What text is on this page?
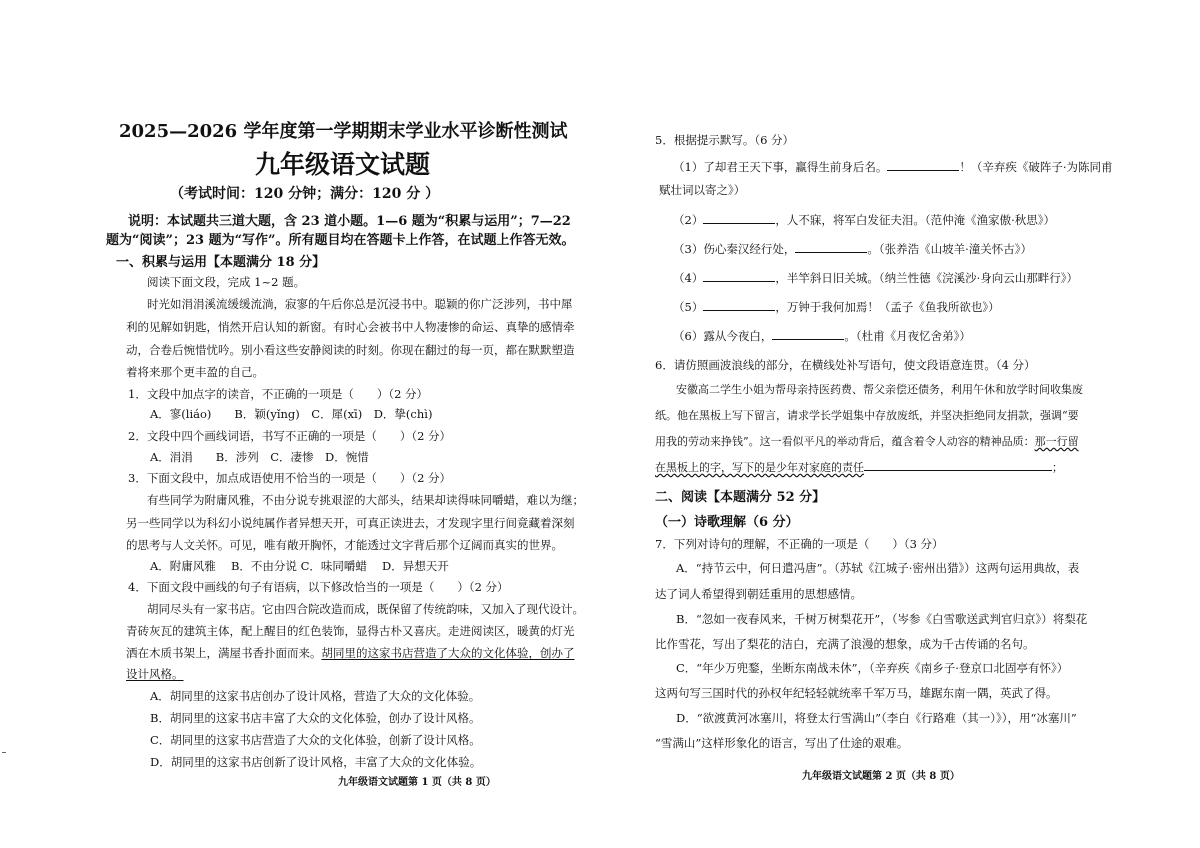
2025—2026 学年度第一学期期末学业水平诊断性测试
九年级语文试题
（考试时间：120 分钟；满分：120 分 ）
说明：本试题共三道大题，含 23 道小题。1—6 题为“积累与运用”；7—22
题为“阅读”；23 题为“写作”。所有题目均在答题卡上作答，在试题上作答无效。
一、积累与运用【本题满分 18 分】
阅读下面文段，完成 1~2 题。
时光如涓涓溪流缓缓流淌，寂寥的午后你总是沉浸书中。聪颖的你广泛涉列，书中犀
利的见解如钥匙，悄然开启认知的新窗。有时心会被书中人物凄惨的命运、真挚的感情牵
动，合卷后惋惜忧吟。别小看这些安静阅读的时刻。你现在翻过的每一页，都在默默塑造
着将来那个更丰盈的自己。
1．文段中加点字的读音，不正确的一项是（　　）（2 分）
A．寥(liáo)　　B．颖(yǐng)　C．犀(xī)　D．挚(chì)
2．文段中四个画线词语，书写不正确的一项是（　　）（2 分）
A．涓涓　　B．涉列　C．凄惨　D．惋惜
3．下面文段中，加点成语使用不恰当的一项是（　　）（2 分）
有些同学为附庸风雅，不由分说专挑艰涩的大部头，结果却读得味同嚼蜡，难以为继；
另一些同学以为科幻小说纯属作者异想天开，可真正读进去，才发现字里行间竟藏着深刻
的思考与人文关怀。可见，唯有敞开胸怀，才能透过文字背后那个辽阔而真实的世界。
A．附庸风雅　 B．不由分说 C．味同嚼蜡　 D．异想天开
4．下面文段中画线的句子有语病，以下修改恰当的一项是（　　）（2 分）
胡同尽头有一家书店。它由四合院改造而成，既保留了传统韵味，又加入了现代设计。
青砖灰瓦的建筑主体，配上醒目的红色装饰，显得古朴又喜庆。走进阅读区，暖黄的灯光
洒在木质书架上，满屋书香扑面而来。胡同里的这家书店营造了大众的文化体验，创办了
设计风格。
A．胡同里的这家书店创办了设计风格，营造了大众的文化体验。
B．胡同里的这家书店丰富了大众的文化体验，创办了设计风格。
C．胡同里的这家书店营造了大众的文化体验，创新了设计风格。
D．胡同里的这家书店创新了设计风格，丰富了大众的文化体验。
九年级语文试题第 1 页（共 8 页）
5．根据提示默写。（6 分）
（1）了却君王天下事，赢得生前身后名。	！（辛弃疾《破阵子·为陈同甫
赋壮词以寄之》）
（2）	，人不寐，将军白发征夫泪。（范仲淹《渔家傲·秋思》）
（3）伤心秦汉经行处，	。（张养浩《山坡羊·潼关怀古》）
（4）	，半竿斜日旧关城。（纳兰性德《浣溪沙·身向云山那畔行》）
（5）	，万钟于我何加焉！（孟子《鱼我所欲也》）
（6）露从今夜白，	。（杜甫《月夜忆舍弟》）
6．请仿照画波浪线的部分，在横线处补写语句，使文段语意连贯。（4 分）
安徽高二学生小姐为帮母亲持医药费、帮父亲偿还债务，利用午休和放学时间收集废
纸。他在黑板上写下留言，请求学长学姐集中存放废纸，并坚决拒绝同友捐款，强调“要
用我的劳动来挣钱”。这一看似平凡的举动背后，蕴含着令人动容的精神品质：那一行留
在黑板上的字，写下的是少年对家庭的责任	；
二、阅读【本题满分 52 分】
（一）诗歌理解（6 分）
7．下列对诗句的理解，不正确的一项是（　　）（3 分）
A．“持节云中，何日遣冯唐”。（苏轼《江城子·密州出猎》）这两句运用典故，表
达了词人希望得到朝廷重用的思想感情。
B．“忽如一夜春风来，千树万树梨花开”，（岑参《白雪歌送武判官归京》）将梨花
比作雪花，写出了梨花的洁白，充满了浪漫的想象，成为千古传诵的名句。
C．“年少万兜鍪，坐断东南战未休”，（辛弃疾《南乡子·登京口北固亭有怀》）
这两句写三国时代的孙权年纪轻轻就统率千军万马，雄踞东南一隅，英武了得。
D．“欲渡黄河冰塞川，将登太行雪满山”（李白《行路难（其一）》），用“冰塞川”
“雪满山”这样形象化的语言，写出了仕途的艰难。
九年级语文试题第 2 页（共 8 页）
